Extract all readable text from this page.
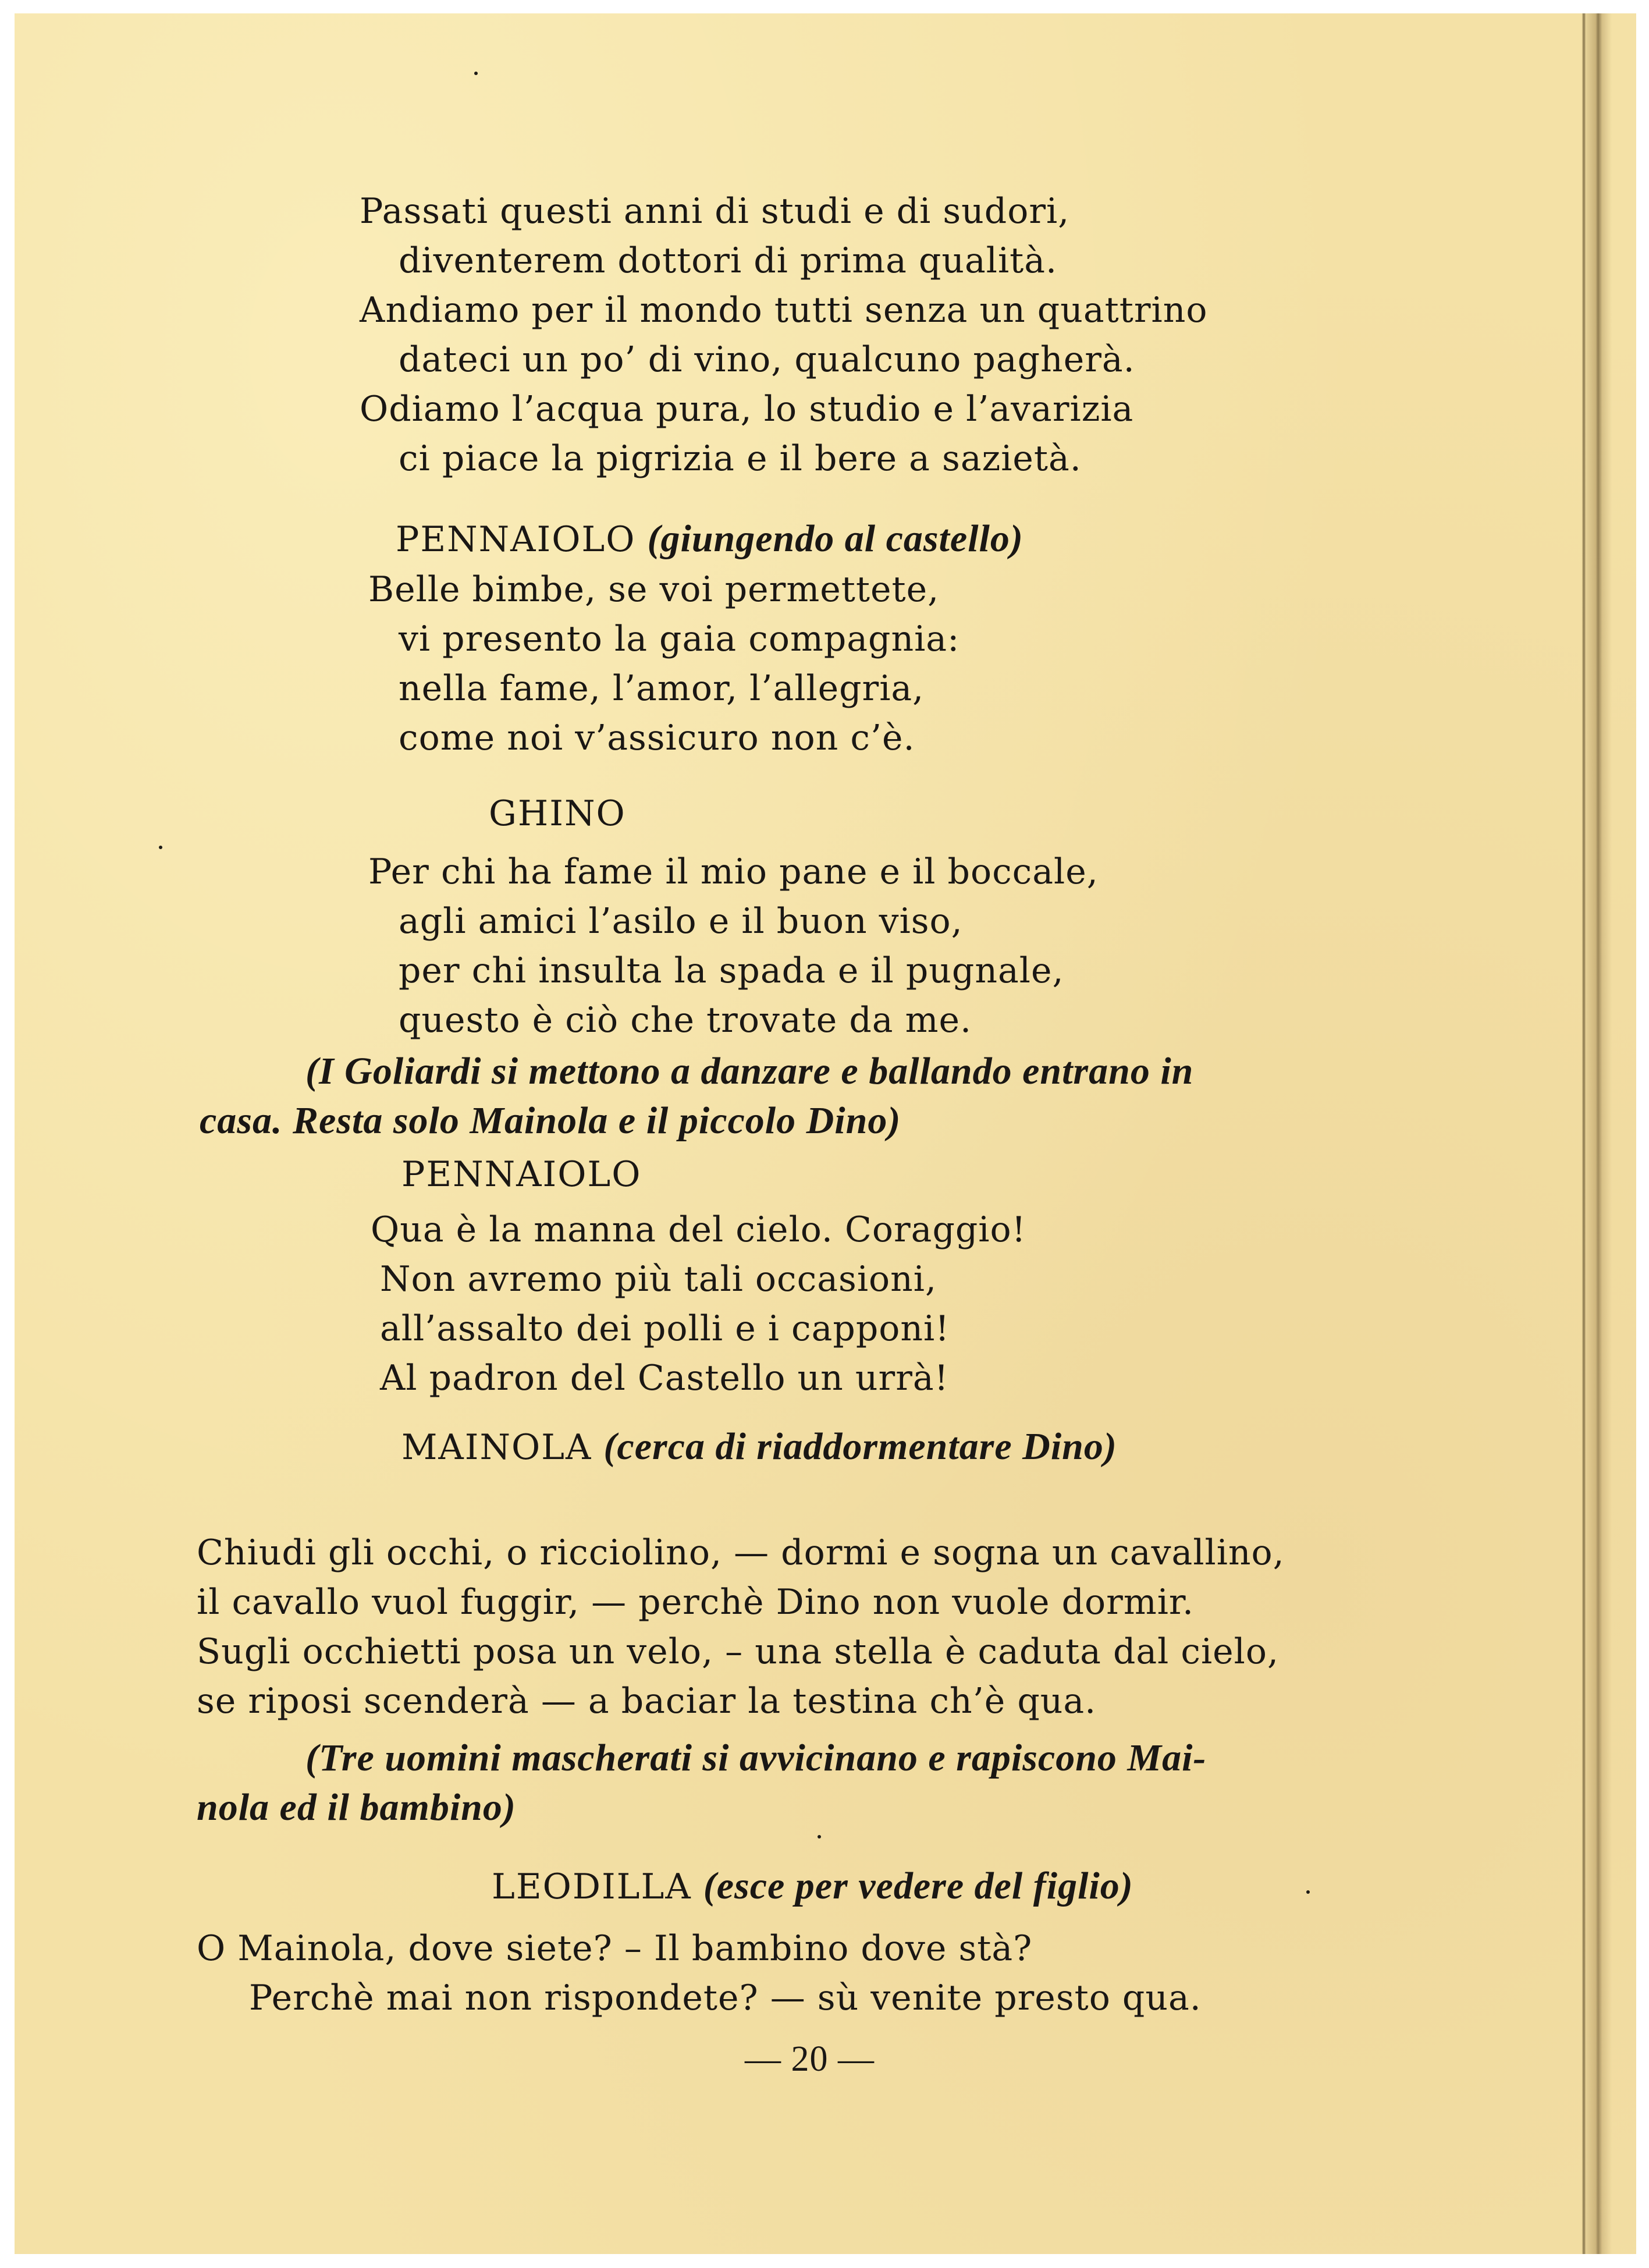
Passati questi anni di studi e di sudori,
diventerem dottori di prima qualità.
Andiamo per il mondo tutti senza un quattrino
dateci un po’ di vino, qualcuno pagherà.
Odiamo l’acqua pura, lo studio e l’avarizia
ci piace la pigrizia e il bere a sazietà.
PENNAIOLO (giungendo al castello)
Belle bimbe, se voi permettete,
vi presento la gaia compagnia:
nella fame, l’amor, l’allegria,
come noi v’assicuro non c’è.
GHINO
Per chi ha fame il mio pane e il boccale,
agli amici l’asilo e il buon viso,
per chi insulta la spada e il pugnale,
questo è ciò che trovate da me.
(I Goliardi si mettono a danzare e ballando entrano in
casa. Resta solo Mainola e il piccolo Dino)
PENNAIOLO
Qua è la manna del cielo. Coraggio!
Non avremo più tali occasioni,
all’assalto dei polli e i capponi!
Al padron del Castello un urrà!
MAINOLA (cerca di riaddormentare Dino)
Chiudi gli occhi, o ricciolino, — dormi e sogna un cavallino,
il cavallo vuol fuggir, — perchè Dino non vuole dormir.
Sugli occhietti posa un velo, – una stella è caduta dal cielo,
se riposi scenderà — a baciar la testina ch’è qua.
(Tre uomini mascherati si avvicinano e rapiscono Mai-
nola ed il bambino)
LEODILLA (esce per vedere del figlio)
O Mainola, dove siete? – Il bambino dove stà?
Perchè mai non rispondete? — sù venite presto qua.
— 20 —
